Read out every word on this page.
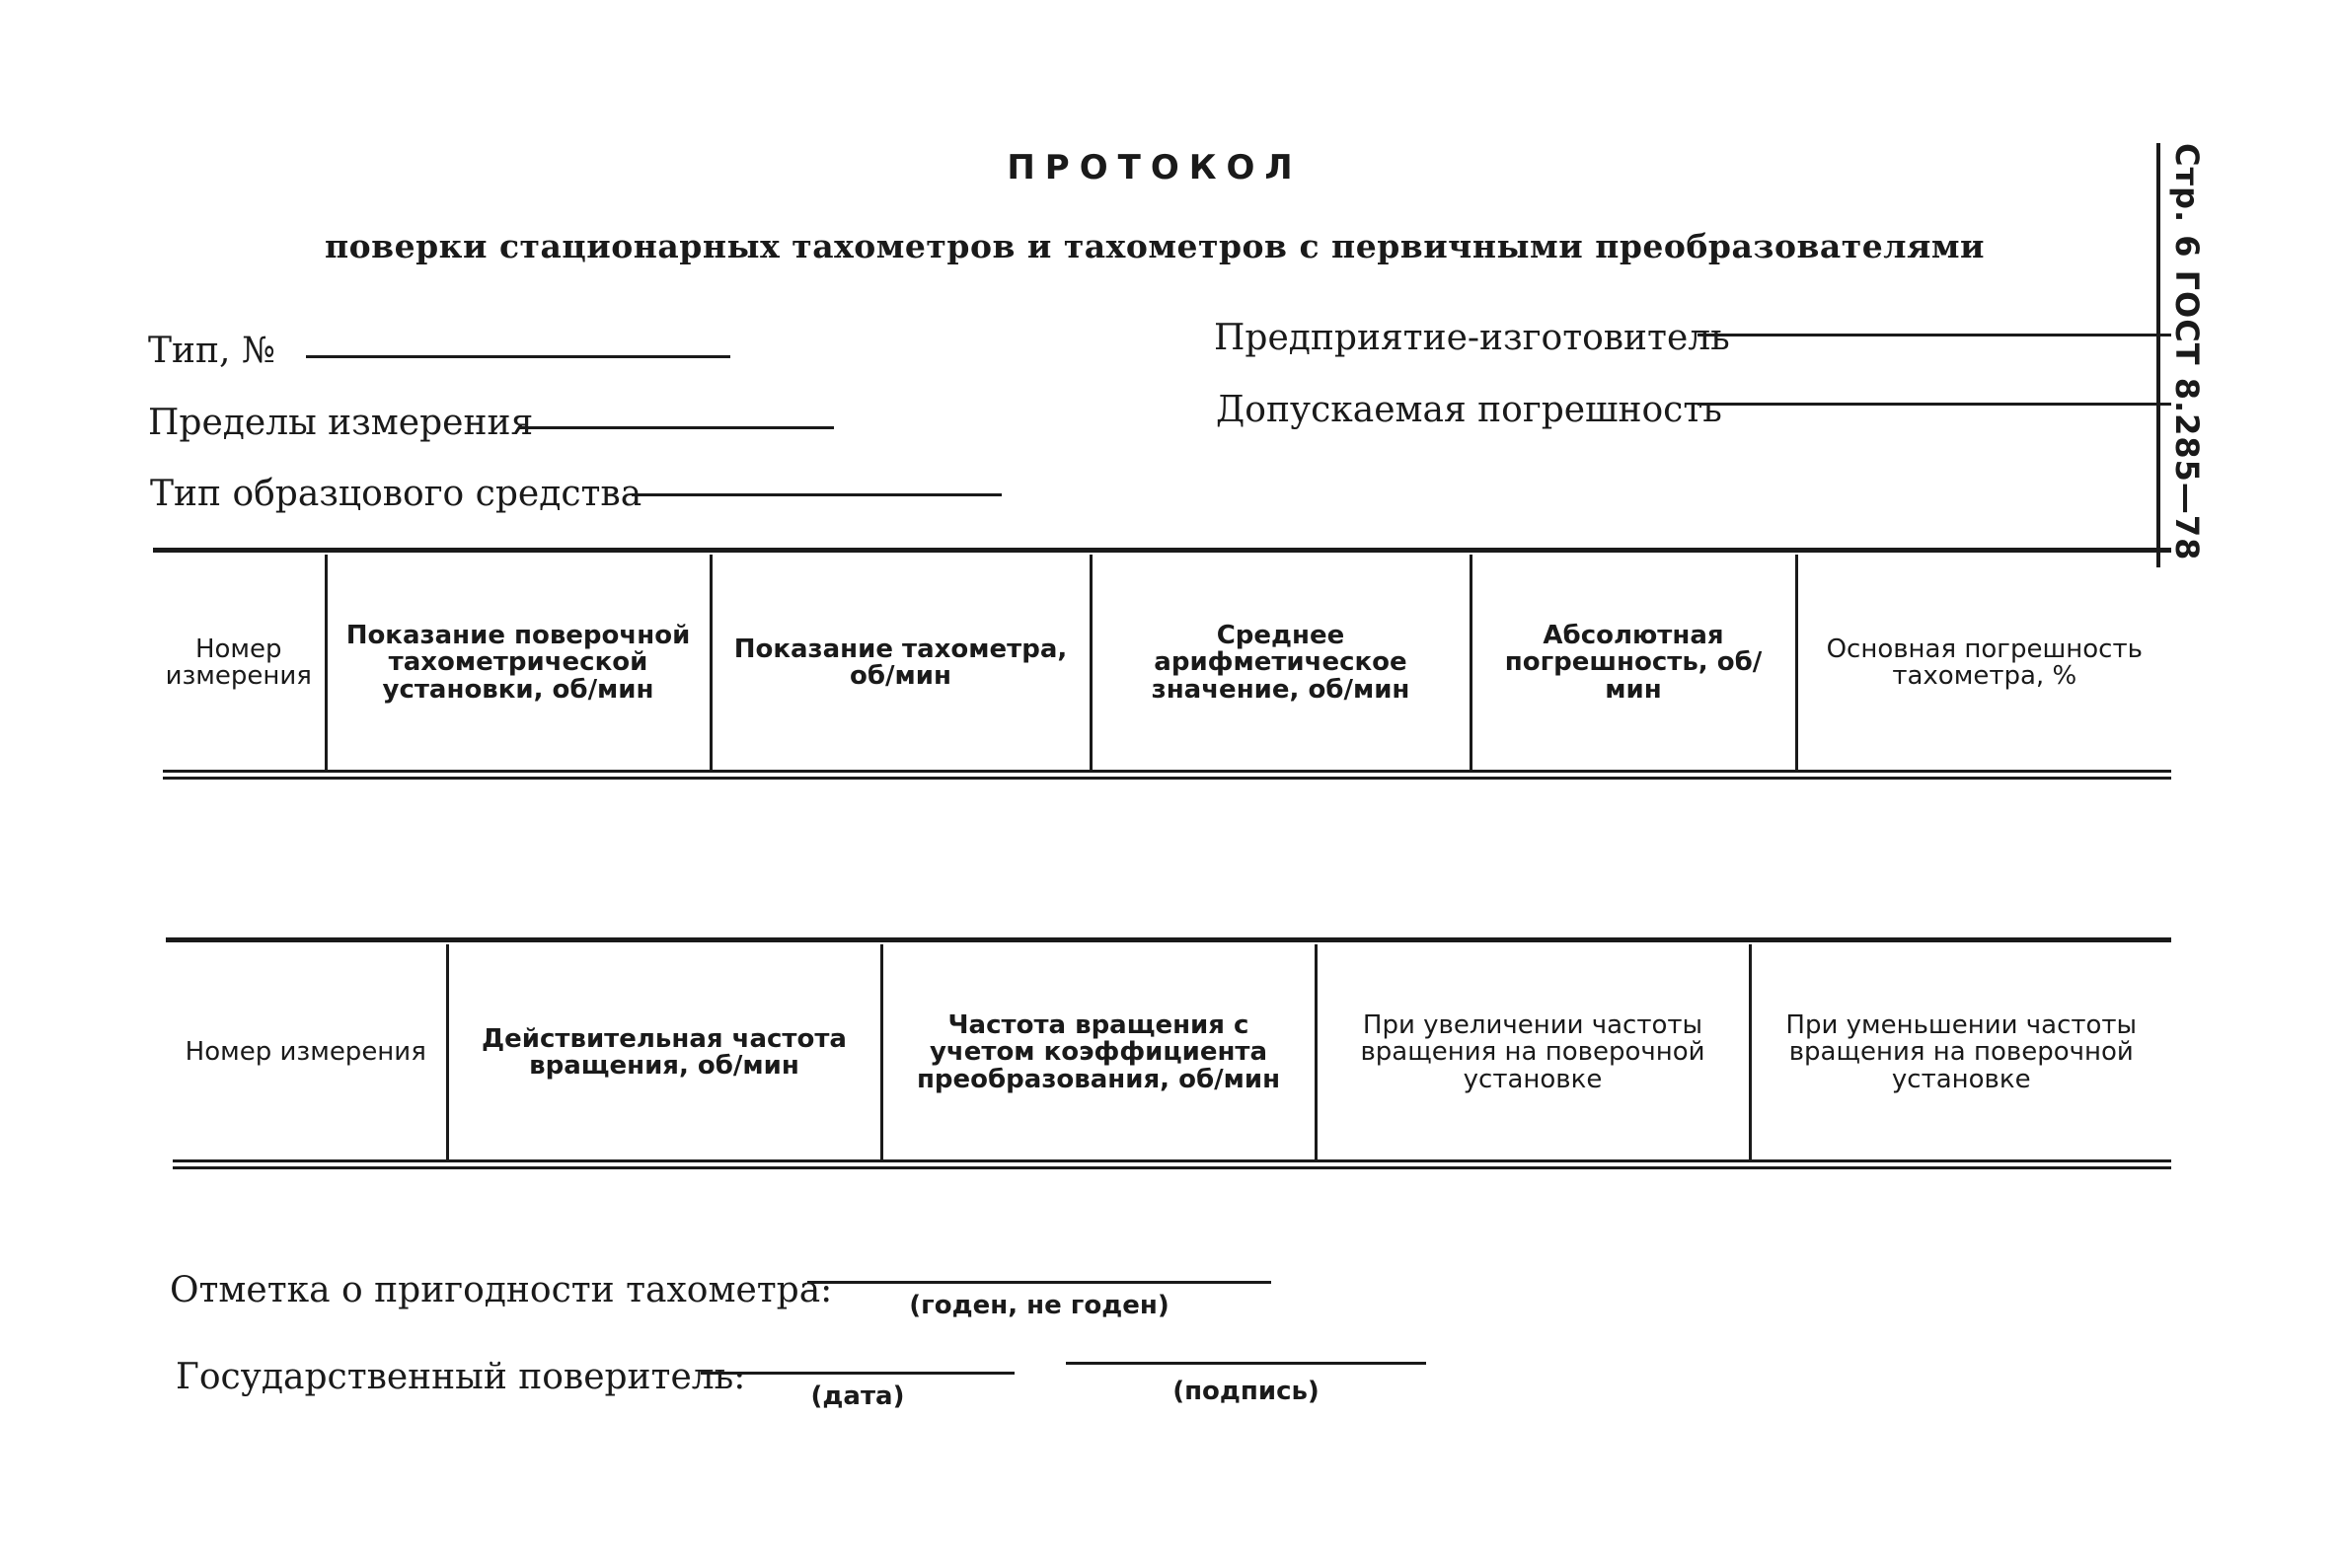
ПРОТОКОЛ
поверки стационарных тахометров и тахометров с первичными преобразователями	Стр. 6 ГОСТ 8.285—78
Тип, №
Пределы измерения
Тип образцового средства
Предприятие-изготовитель
Допускаемая погрешность
Номер измерения	Показание поверочной тахометрической установки, об/мин	Показание тахометра, об/мин	Среднее арифметическое значение, об/мин	Абсолютная погрешность, об/мин	Основная погрешность тахометра, %
Номер измерения	Действительная частота вращения, об/мин	Частота вращения с учетом коэффициента преобразования, об/мин	При увеличении частоты вращения на поверочной установке	При уменьшении частоты вращения на поверочной установке
Отметка о пригодности тахометра:	(годен, не годен)
Государственный поверитель:	(дата)	(подпись)
